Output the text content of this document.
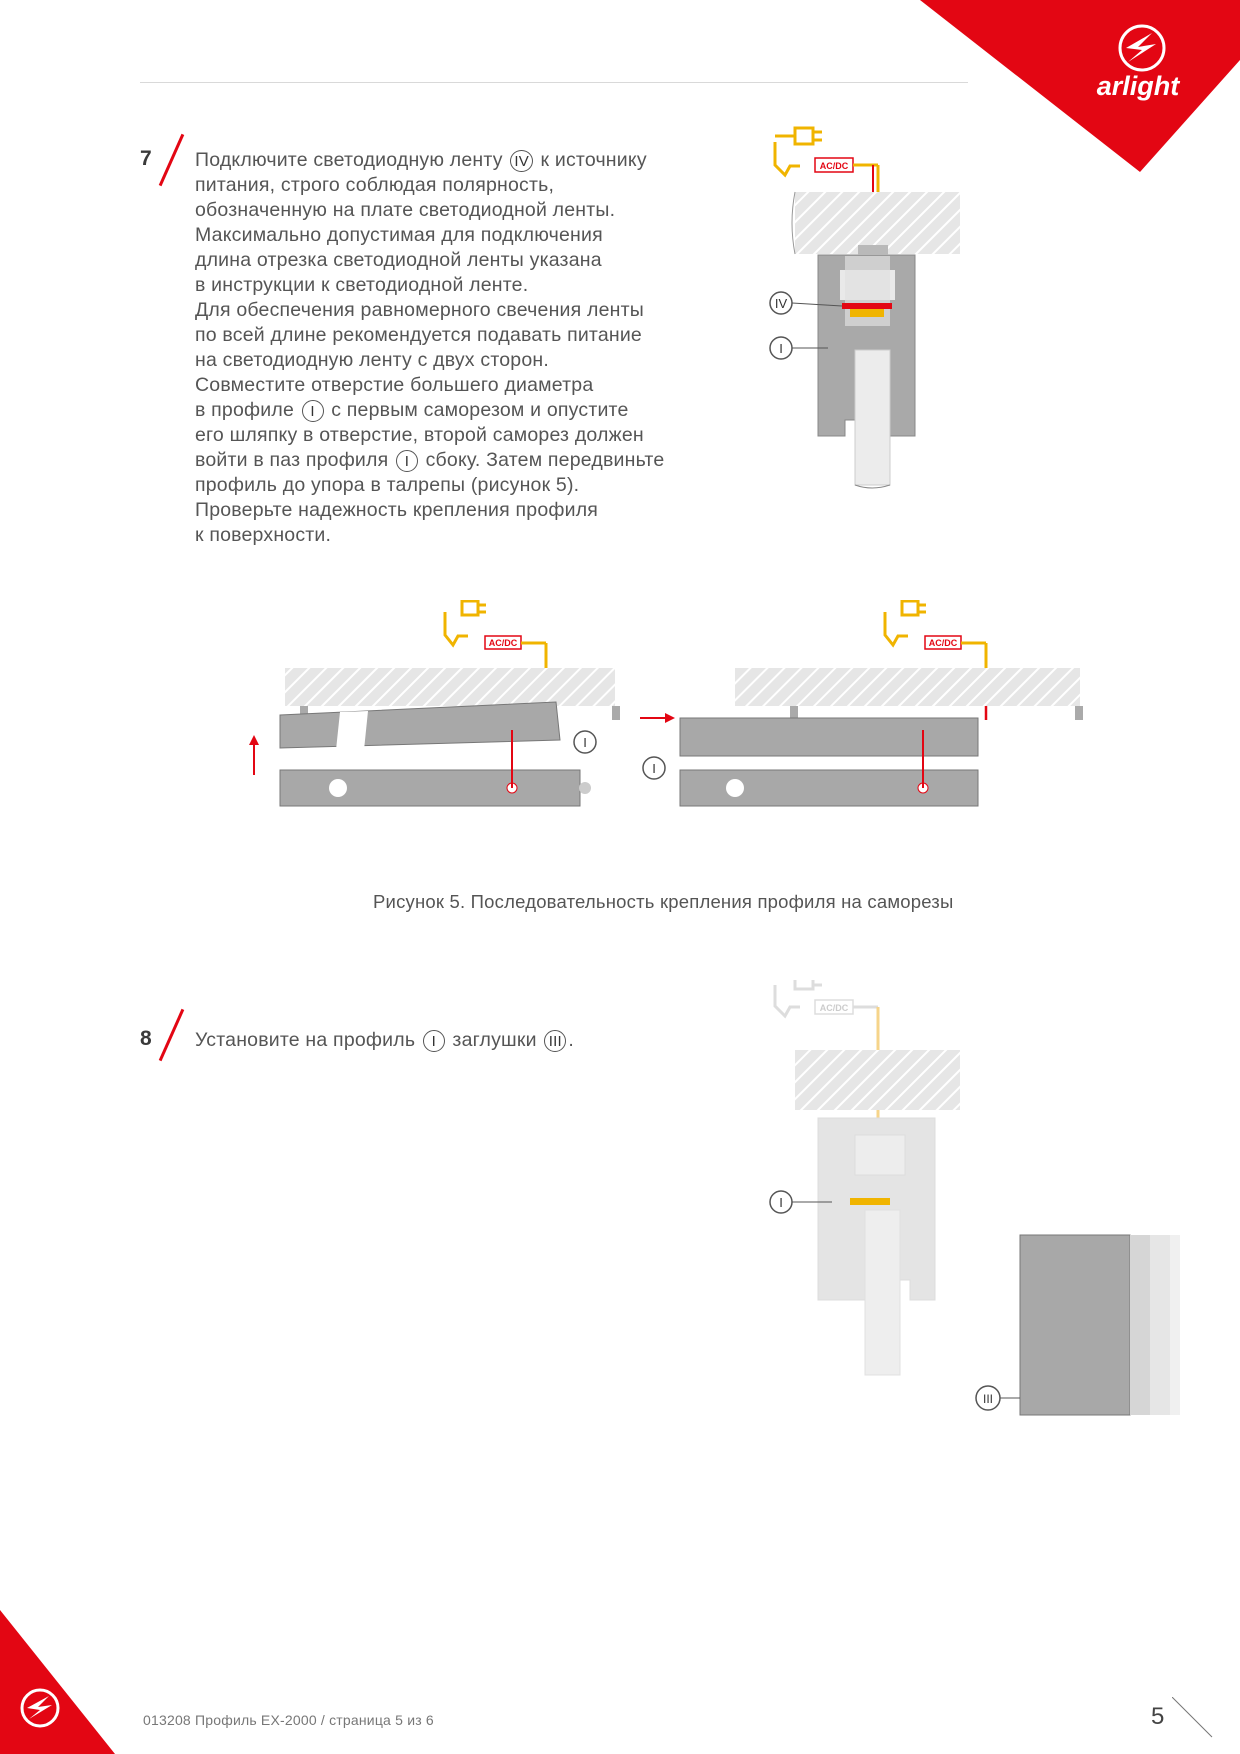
arlight
7 Подключите светодиодную ленту IV к источнику
питания, строго соблюдая полярность,
обозначенную на плате светодиодной ленты.
Максимально допустимая для подключения
длина отрезка светодиодной ленты указана
в инструкции к светодиодной ленте.
Для обеспечения равномерного свечения ленты
по всей длине рекомендуется подавать питание
на светодиодную ленту с двух сторон.
Совместите отверстие большего диаметра
в профиле I с первым саморезом и опустите
его шляпку в отверстие, второй саморез должен
войти в паз профиля I сбоку. Затем передвиньте
профиль до упора в талрепы (рисунок 5).
Проверьте надежность крепления профиля
к поверхности.
AC/DC
IV
I
AC/DC
I
AC/DC
I
Рисунок 5. Последовательность крепления профиля на саморезы
8 Установите на профиль I заглушки III .
AC/DC
I
III
013208 Профиль EX-2000 / страница 5 из 6	5
